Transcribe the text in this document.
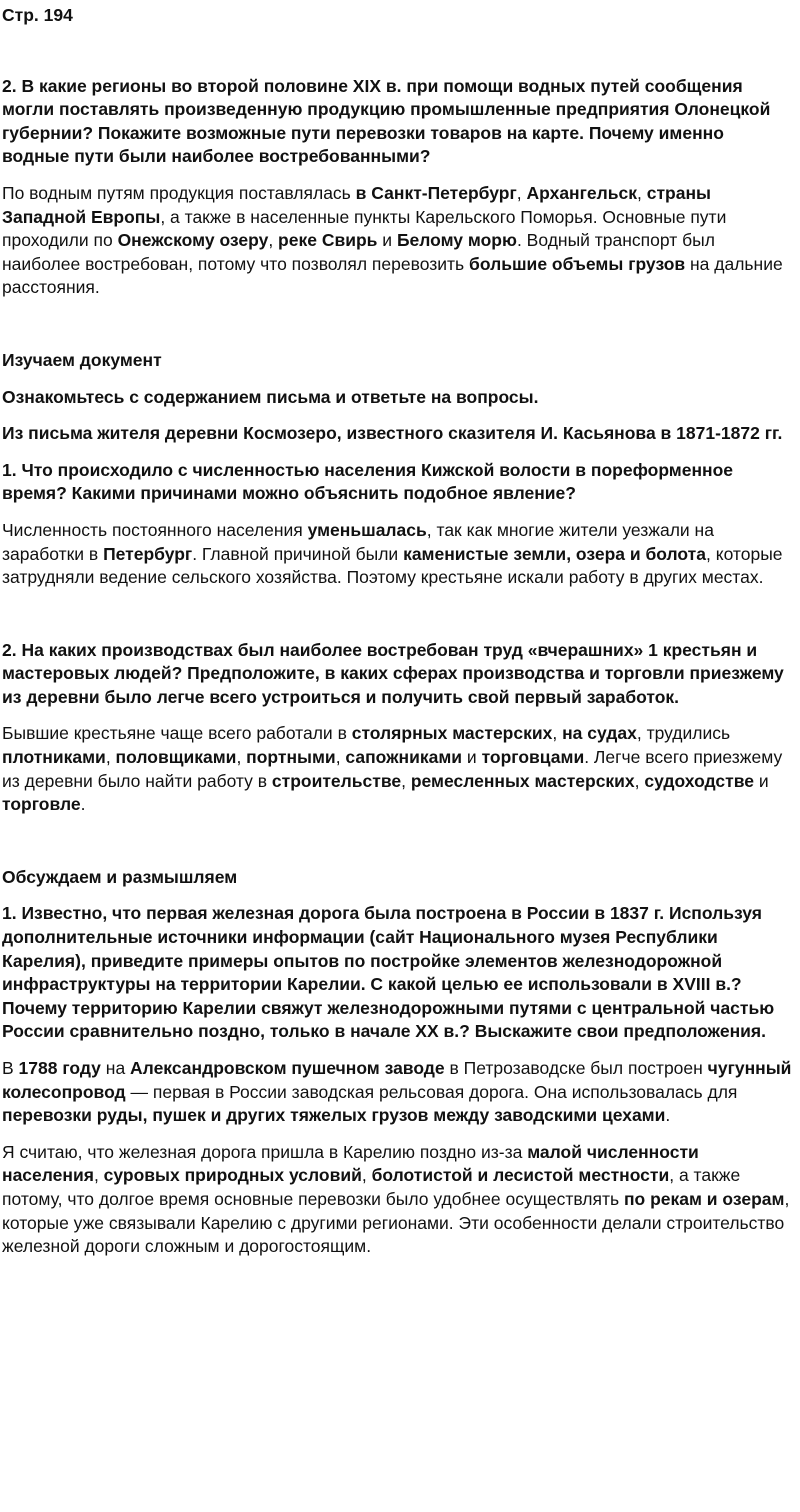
Стр. 194

2. В какие регионы во второй половине XIX в. при помощи водных путей сообщения могли поставлять произведенную продукцию промышленные предприятия Олонецкой губернии? Покажите возможные пути перевозки товаров на карте. Почему именно водные пути были наиболее востребованными?

По водным путям продукция поставлялась в Санкт-Петербург, Архангельск, страны Западной Европы, а также в населенные пункты Карельского Поморья. Основные пути проходили по Онежскому озеру, реке Свирь и Белому морю. Водный транспорт был наиболее востребован, потому что позволял перевозить большие объемы грузов на дальние расстояния.

Изучаем документ

Ознакомьтесь с содержанием письма и ответьте на вопросы.

Из письма жителя деревни Космозеро, известного сказителя И. Касьянова в 1871-1872 гг.

1. Что происходило с численностью населения Кижской волости в пореформенное время? Какими причинами можно объяснить подобное явление?

Численность постоянного населения уменьшалась, так как многие жители уезжали на заработки в Петербург. Главной причиной были каменистые земли, озера и болота, которые затрудняли ведение сельского хозяйства. Поэтому крестьяне искали работу в других местах.

2. На каких производствах был наиболее востребован труд «вчерашних» 1 крестьян и мастеровых людей? Предположите, в каких сферах производства и торговли приезжему из деревни было легче всего устроиться и получить свой первый заработок.

Бывшие крестьяне чаще всего работали в столярных мастерских, на судах, трудились плотниками, половщиками, портными, сапожниками и торговцами. Легче всего приезжему из деревни было найти работу в строительстве, ремесленных мастерских, судоходстве и торговле.

Обсуждаем и размышляем

1. Известно, что первая железная дорога была построена в России в 1837 г. Используя дополнительные источники информации (сайт Национального музея Республики Карелия), приведите примеры опытов по постройке элементов железнодорожной инфраструктуры на территории Карелии. С какой целью ее использовали в XVIII в.? Почему территорию Карелии свяжут железнодорожными путями с центральной частью России сравнительно поздно, только в начале XX в.? Выскажите свои предположения.

В 1788 году на Александровском пушечном заводе в Петрозаводске был построен чугунный колесопровод — первая в России заводская рельсовая дорога. Она использовалась для перевозки руды, пушек и других тяжелых грузов между заводскими цехами.

Я считаю, что железная дорога пришла в Карелию поздно из-за малой численности населения, суровых природных условий, болотистой и лесистой местности, а также потому, что долгое время основные перевозки было удобнее осуществлять по рекам и озерам, которые уже связывали Карелию с другими регионами. Эти особенности делали строительство железной дороги сложным и дорогостоящим.
